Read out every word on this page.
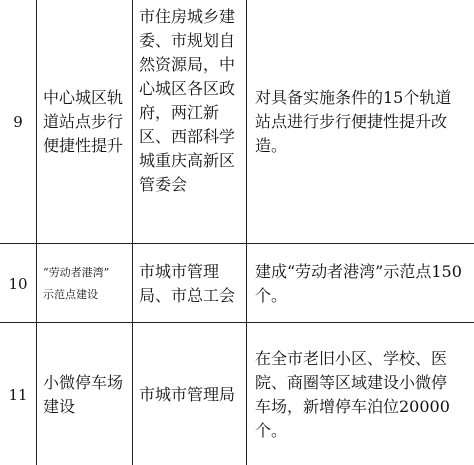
9
中心城区轨
道站点步行
便捷性提升
市住房城乡建
委、市规划自
然资源局，中
心城区各区政
府，两江新
区、西部科学
城重庆高新区
管委会
对具备实施条件的15个轨道
站点进行步行便捷性提升改
造。
10
“劳动者港湾”
示范点建设
市城市管理
局、市总工会
建成“劳动者港湾”示范点150
个。
11
小微停车场
建设
市城市管理局
在全市老旧小区、学校、医
院、商圈等区域建设小微停
车场，新增停车泊位20000
个。
